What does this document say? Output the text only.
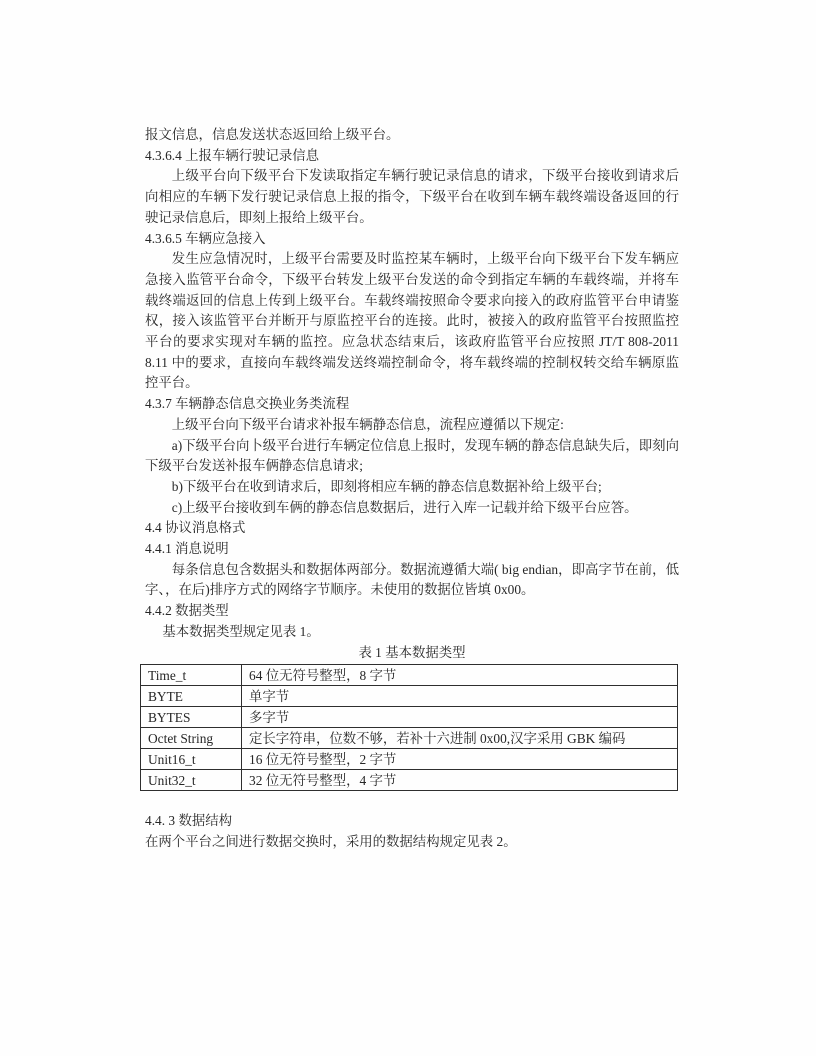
报文信息，信息发送状态返回给上级平台。
4.3.6.4 上报车辆行驶记录信息
上级平台向下级平台下发读取指定车辆行驶记录信息的请求，下级平台接收到请求后向相应的车辆下发行驶记录信息上报的指令，下级平台在收到车辆车载终端设备返回的行驶记录信息后，即刻上报给上级平台。
4.3.6.5 车辆应急接入
发生应急情况时，上级平台需要及时监控某车辆时，上级平台向下级平台下发车辆应急接入监管平台命令，下级平台转发上级平台发送的命令到指定车辆的车载终端，并将车载终端返回的信息上传到上级平台。车载终端按照命令要求向接入的政府监管平台申请鉴权，接入该监管平台并断开与原监控平台的连接。此时，被接入的政府监管平台按照监控平台的要求实现对车辆的监控。应急状态结束后，该政府监管平台应按照 JT/T 808-2011 8.11 中的要求，直接向车载终端发送终端控制命令，将车载终端的控制权转交给车辆原监控平台。
4.3.7 车辆静态信息交换业务类流程
上级平台向下级平台请求补报车辆静态信息，流程应遵循以下规定:
a)下级平台向卜级平台进行车辆定位信息上报时，发现车辆的静态信息缺失后，即刻向下级平台发送补报车俩静态信息请求;
b)下级平台在收到请求后，即刻将相应车辆的静态信息数据补给上级平台;
c)上级平台接收到车俩的静态信息数据后，进行入库一记载并给下级平台应答。
4.4 协议消息格式
4.4.1 消息说明
每条信息包含数据头和数据体两部分。数据流遵循大端( big endian，即高字节在前，低字、，在后)排序方式的网络字节顺序。未使用的数据位皆填 0x00。
4.4.2 数据类型
基本数据类型规定见表 1。
表 1 基本数据类型
Time_t	64 位无符号整型，8 字节
BYTE	单字节
BYTES	多字节
Octet String	定长字符串，位数不够，若补十六进制 0x00,汉字采用 GBK 编码
Unit16_t	16 位无符号整型，2 字节
Unit32_t	32 位无符号整型，4 字节
4.4. 3 数据结构
在两个平台之间进行数据交换时，采用的数据结构规定见表 2。
